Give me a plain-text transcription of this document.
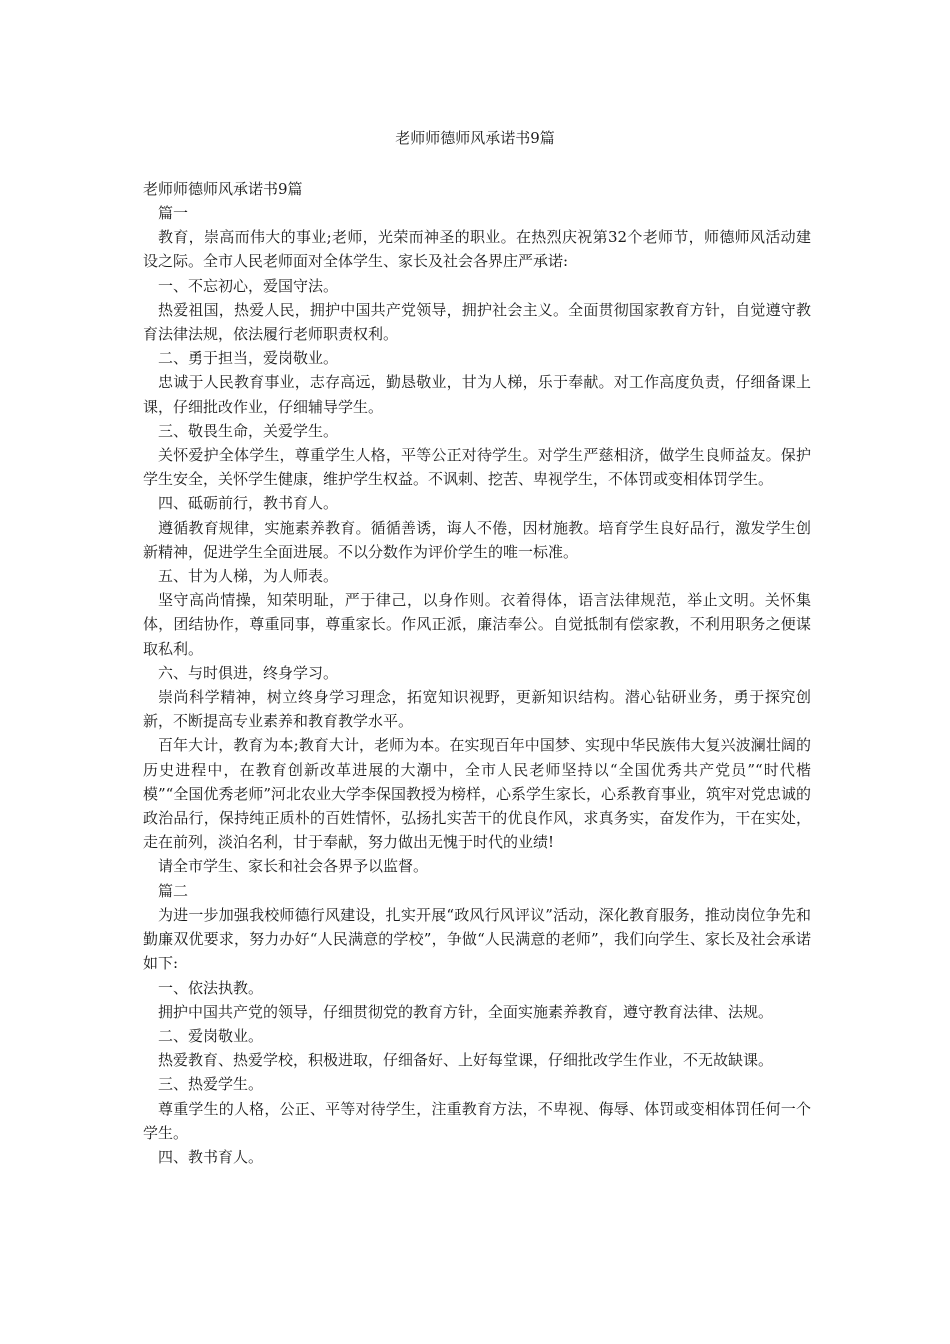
老师师德师风承诺书9篇
老师师德师风承诺书9篇

篇一

教育，崇高而伟大的事业;老师，光荣而神圣的职业。在热烈庆祝第32个老师节，师德师风活动建设之际。全市人民老师面对全体学生、家长及社会各界庄严承诺:

一、不忘初心，爱国守法。

热爱祖国，热爱人民，拥护中国共产党领导，拥护社会主义。全面贯彻国家教育方针，自觉遵守教育法律法规，依法履行老师职责权利。

二、勇于担当，爱岗敬业。

忠诚于人民教育事业，志存高远，勤恳敬业，甘为人梯，乐于奉献。对工作高度负责，仔细备课上课，仔细批改作业，仔细辅导学生。

三、敬畏生命，关爱学生。

关怀爱护全体学生，尊重学生人格，平等公正对待学生。对学生严慈相济，做学生良师益友。保护学生安全，关怀学生健康，维护学生权益。不讽刺、挖苦、卑视学生，不体罚或变相体罚学生。

四、砥砺前行，教书育人。

遵循教育规律，实施素养教育。循循善诱，诲人不倦，因材施教。培育学生良好品行，激发学生创新精神，促进学生全面进展。不以分数作为评价学生的唯一标准。

五、甘为人梯，为人师表。

坚守高尚情操，知荣明耻，严于律己，以身作则。衣着得体，语言法律规范，举止文明。关怀集体，团结协作，尊重同事，尊重家长。作风正派，廉洁奉公。自觉抵制有偿家教，不利用职务之便谋取私利。

六、与时俱进，终身学习。

崇尚科学精神，树立终身学习理念，拓宽知识视野，更新知识结构。潜心钻研业务，勇于探究创新，不断提高专业素养和教育教学水平。

百年大计，教育为本;教育大计，老师为本。在实现百年中国梦、实现中华民族伟大复兴波澜壮阔的历史进程中，在教育创新改革进展的大潮中，全市人民老师坚持以“全国优秀共产党员”“时代楷模”“全国优秀老师”河北农业大学李保国教授为榜样，心系学生家长，心系教育事业，筑牢对党忠诚的政治品行，保持纯正质朴的百姓情怀，弘扬扎实苦干的优良作风，求真务实，奋发作为，干在实处，走在前列，淡泊名利，甘于奉献，努力做出无愧于时代的业绩!

请全市学生、家长和社会各界予以监督。

篇二

为进一步加强我校师德行风建设，扎实开展“政风行风评议”活动，深化教育服务，推动岗位争先和勤廉双优要求，努力办好“人民满意的学校”，争做“人民满意的老师”，我们向学生、家长及社会承诺如下:

一、依法执教。

拥护中国共产党的领导，仔细贯彻党的教育方针，全面实施素养教育，遵守教育法律、法规。

二、爱岗敬业。

热爱教育、热爱学校，积极进取，仔细备好、上好每堂课，仔细批改学生作业，不无故缺课。

三、热爱学生。

尊重学生的人格，公正、平等对待学生，注重教育方法，不卑视、侮辱、体罚或变相体罚任何一个学生。

四、教书育人。
